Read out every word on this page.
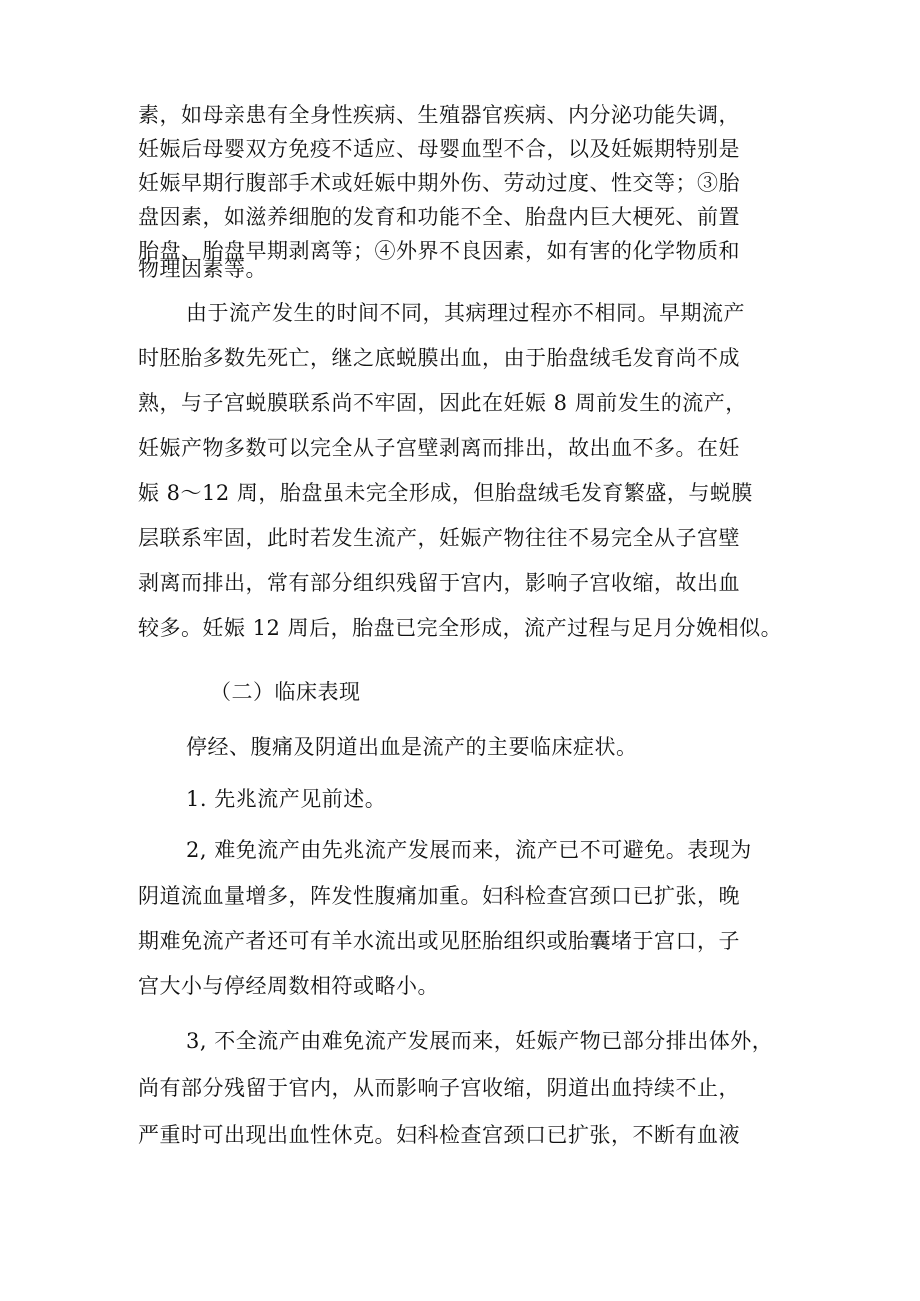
素，如母亲患有全身性疾病、生殖器官疾病、内分泌功能失调，
妊娠后母婴双方免疫不适应、母婴血型不合，以及妊娠期特别是
妊娠早期行腹部手术或妊娠中期外伤、劳动过度、性交等；③胎
盘因素，如滋养细胞的发育和功能不全、胎盘内巨大梗死、前置
胎盘、胎盘早期剥离等；④外界不良因素，如有害的化学物质和
物理因素等。
由于流产发生的时间不同，其病理过程亦不相同。早期流产
时胚胎多数先死亡，继之底蜕膜出血，由于胎盘绒毛发育尚不成
熟，与子宫蜕膜联系尚不牢固，因此在妊娠 8 周前发生的流产，
妊娠产物多数可以完全从子宫壁剥离而排出，故出血不多。在妊
娠 8～12 周，胎盘虽未完全形成，但胎盘绒毛发育繁盛，与蜕膜
层联系牢固，此时若发生流产，妊娠产物往往不易完全从子宫壁
剥离而排出，常有部分组织残留于宫内，影响子宫收缩，故出血
较多。妊娠 12 周后，胎盘已完全形成，流产过程与足月分娩相似。
（二）临床表现
停经、腹痛及阴道出血是流产的主要临床症状。
1. 先兆流产见前述。
2, 难免流产由先兆流产发展而来，流产已不可避免。表现为
阴道流血量增多，阵发性腹痛加重。妇科检查宫颈口已扩张，晚
期难免流产者还可有羊水流出或见胚胎组织或胎囊堵于宫口，子
宫大小与停经周数相符或略小。
3, 不全流产由难免流产发展而来，妊娠产物已部分排出体外，
尚有部分残留于官内，从而影响子宫收缩，阴道出血持续不止，
严重时可出现出血性休克。妇科检查宫颈口已扩张，不断有血液
